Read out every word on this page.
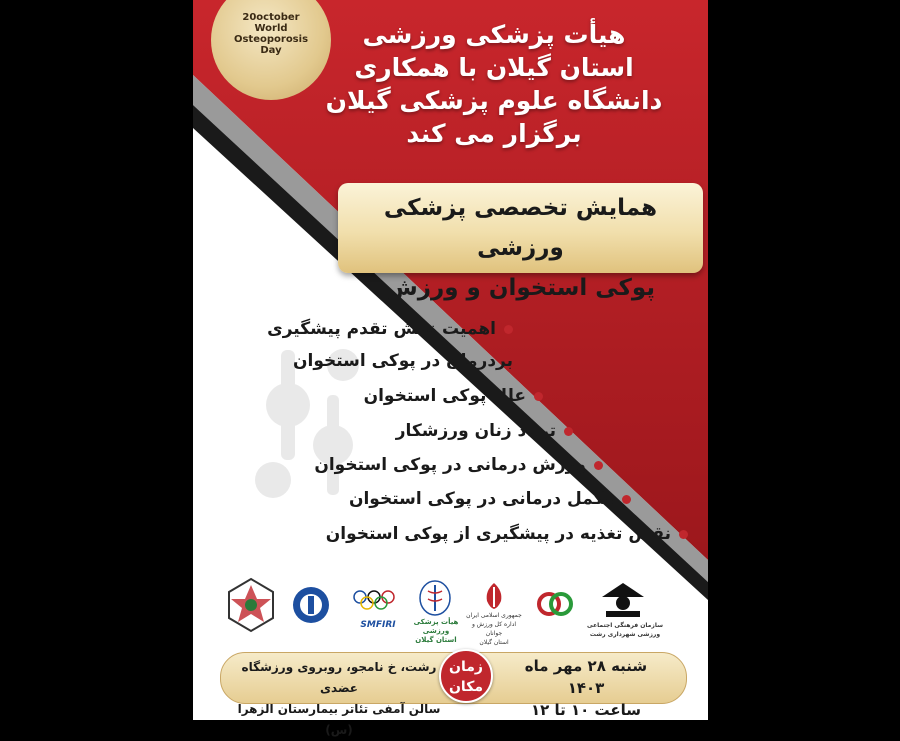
20october
World
Osteoporosis
Day
هیأت پزشکی ورزشی
استان گیلان با همکاری
دانشگاه علوم پزشکی گیلان
برگزار می کند
همایش تخصصی پزشکی ورزشی
پوکی استخوان و ورزش
اهمیت نقش تقدم پیشگیری
بردرمان در پوکی استخوان
علل پوکی استخوان
ترياد زنان ورزشكار
ورزش درمانی در پوکی استخوان
مکمل درمانی در پوکی استخوان
نقش تغذیه در پیشگیری از پوکی استخوان
SMFIRI	هیأت پزشکی ورزشی
استان گیلان
جمهوری اسلامی ایران
اداره کل ورزش و جوانان
استان گیلان
سازمان فرهنگی اجتماعی ورزشی شهرداری رشت
شنبه ۲۸ مهر ماه ۱۴۰۳
ساعت ۱۰ تا ۱۲
زمان
مکان
رشت، خ نامجو، روبروی ورزشگاه عضدی
سالن آمفی تئاتر بیمارستان الزهرا (س)
